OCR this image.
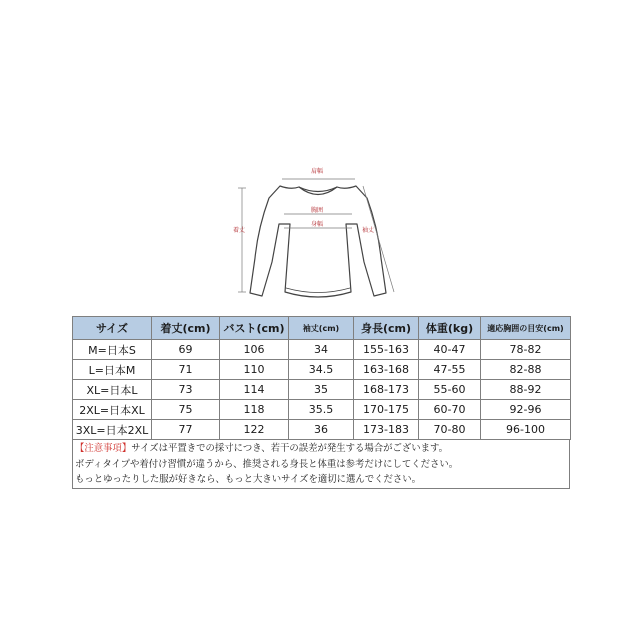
肩幅
胸囲
身幅
着丈	袖丈
サイズ	着丈(cm)	バスト(cm)	袖丈(cm)	身長(cm)	体重(kg)	適応胸囲の目安(cm)
M=日本S	69	106	34	155-163	40-47	78-82
L=日本M	71	110	34.5	163-168	47-55	82-88
XL=日本L	73	114	35	168-173	55-60	88-92
2XL=日本XL	75	118	35.5	170-175	60-70	92-96
3XL=日本2XL	77	122	36	173-183	70-80	96-100
【注意事項】サイズは平置きでの採寸につき、若干の誤差が発生する場合がございます。
ボディタイプや着付け習慣が違うから、推奨される身長と体重は参考だけにしてください。
もっとゆったりした服が好きなら、もっと大きいサイズを適切に選んでください。
